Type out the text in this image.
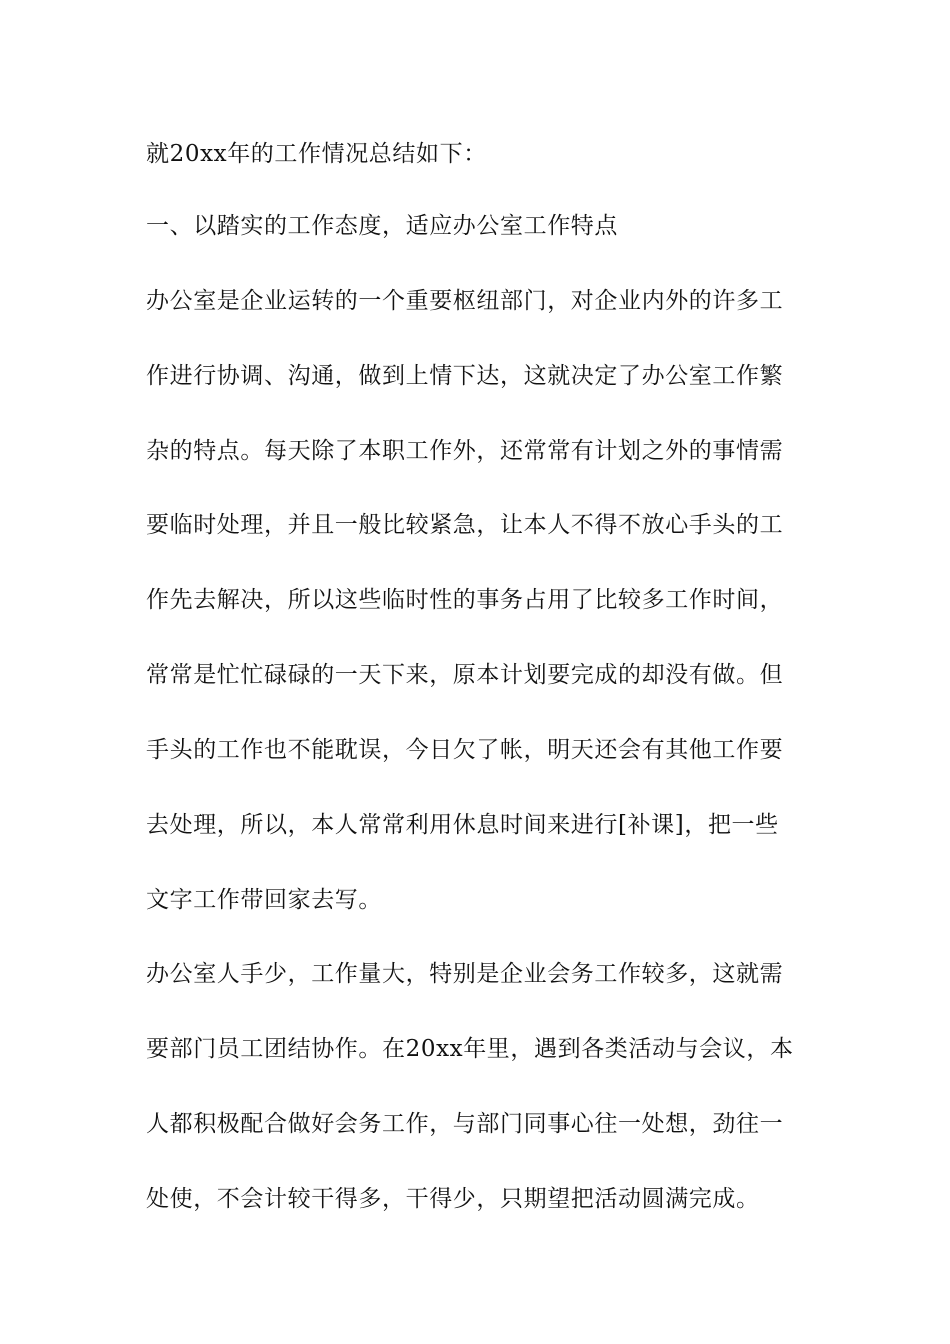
就20xx年的工作情况总结如下：
一、以踏实的工作态度，适应办公室工作特点
办公室是企业运转的一个重要枢纽部门，对企业内外的许多工
作进行协调、沟通，做到上情下达，这就决定了办公室工作繁
杂的特点。每天除了本职工作外，还常常有计划之外的事情需
要临时处理，并且一般比较紧急，让本人不得不放心手头的工
作先去解决，所以这些临时性的事务占用了比较多工作时间，
常常是忙忙碌碌的一天下来，原本计划要完成的却没有做。但
手头的工作也不能耽误，今日欠了帐，明天还会有其他工作要
去处理，所以，本人常常利用休息时间来进行[补课]，把一些
文字工作带回家去写。
办公室人手少，工作量大，特别是企业会务工作较多，这就需
要部门员工团结协作。在20xx年里，遇到各类活动与会议，本
人都积极配合做好会务工作，与部门同事心往一处想，劲往一
处使，不会计较干得多，干得少，只期望把活动圆满完成。
